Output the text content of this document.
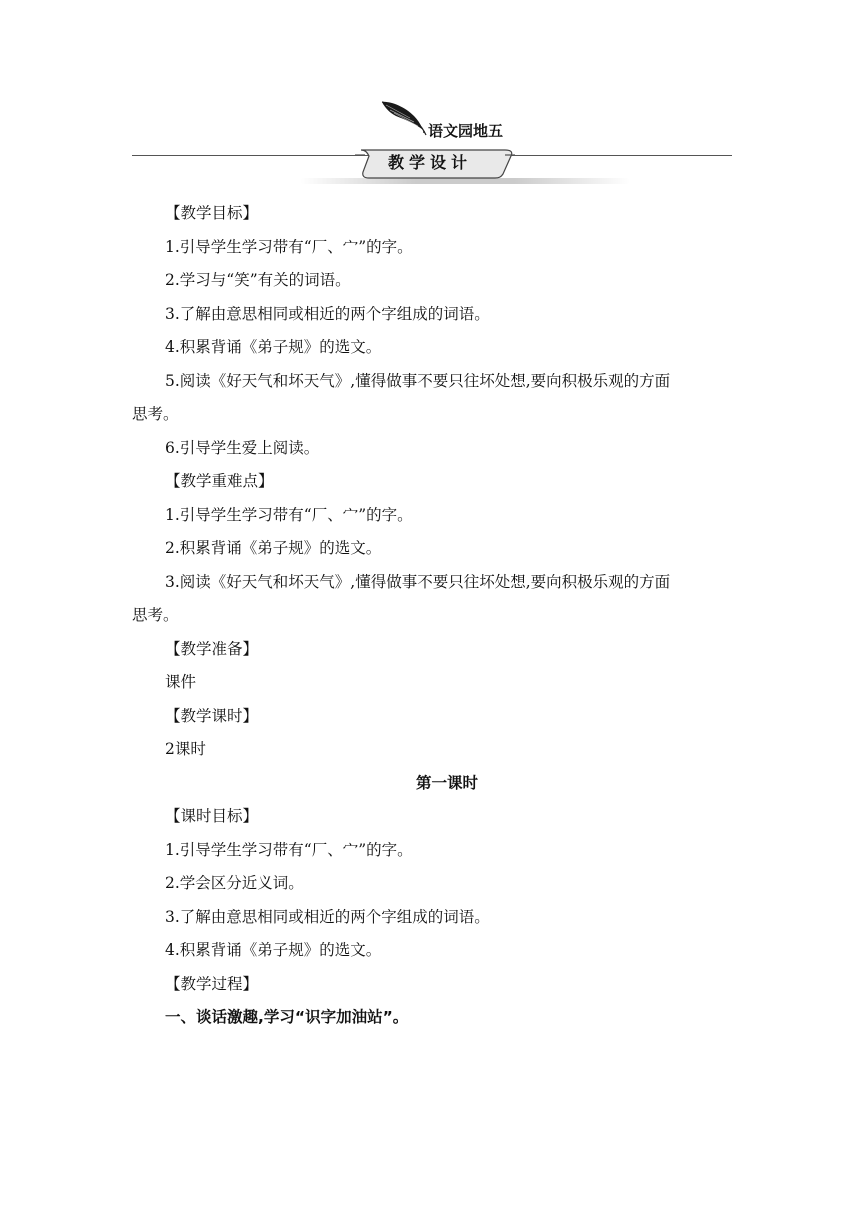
语文园地五
教学设计
【教学目标】
1.引导学生学习带有“厂、宀”的字。
2.学习与“笑”有关的词语。
3.了解由意思相同或相近的两个字组成的词语。
4.积累背诵《弟子规》的选文。
5.阅读《好天气和坏天气》,懂得做事不要只往坏处想,要向积极乐观的方面
思考。
6.引导学生爱上阅读。
【教学重难点】
1.引导学生学习带有“厂、宀”的字。
2.积累背诵《弟子规》的选文。
3.阅读《好天气和坏天气》,懂得做事不要只往坏处想,要向积极乐观的方面
思考。
【教学准备】
课件
【教学课时】
2课时
第一课时
【课时目标】
1.引导学生学习带有“厂、宀”的字。
2.学会区分近义词。
3.了解由意思相同或相近的两个字组成的词语。
4.积累背诵《弟子规》的选文。
【教学过程】
一、谈话激趣,学习“识字加油站”。
